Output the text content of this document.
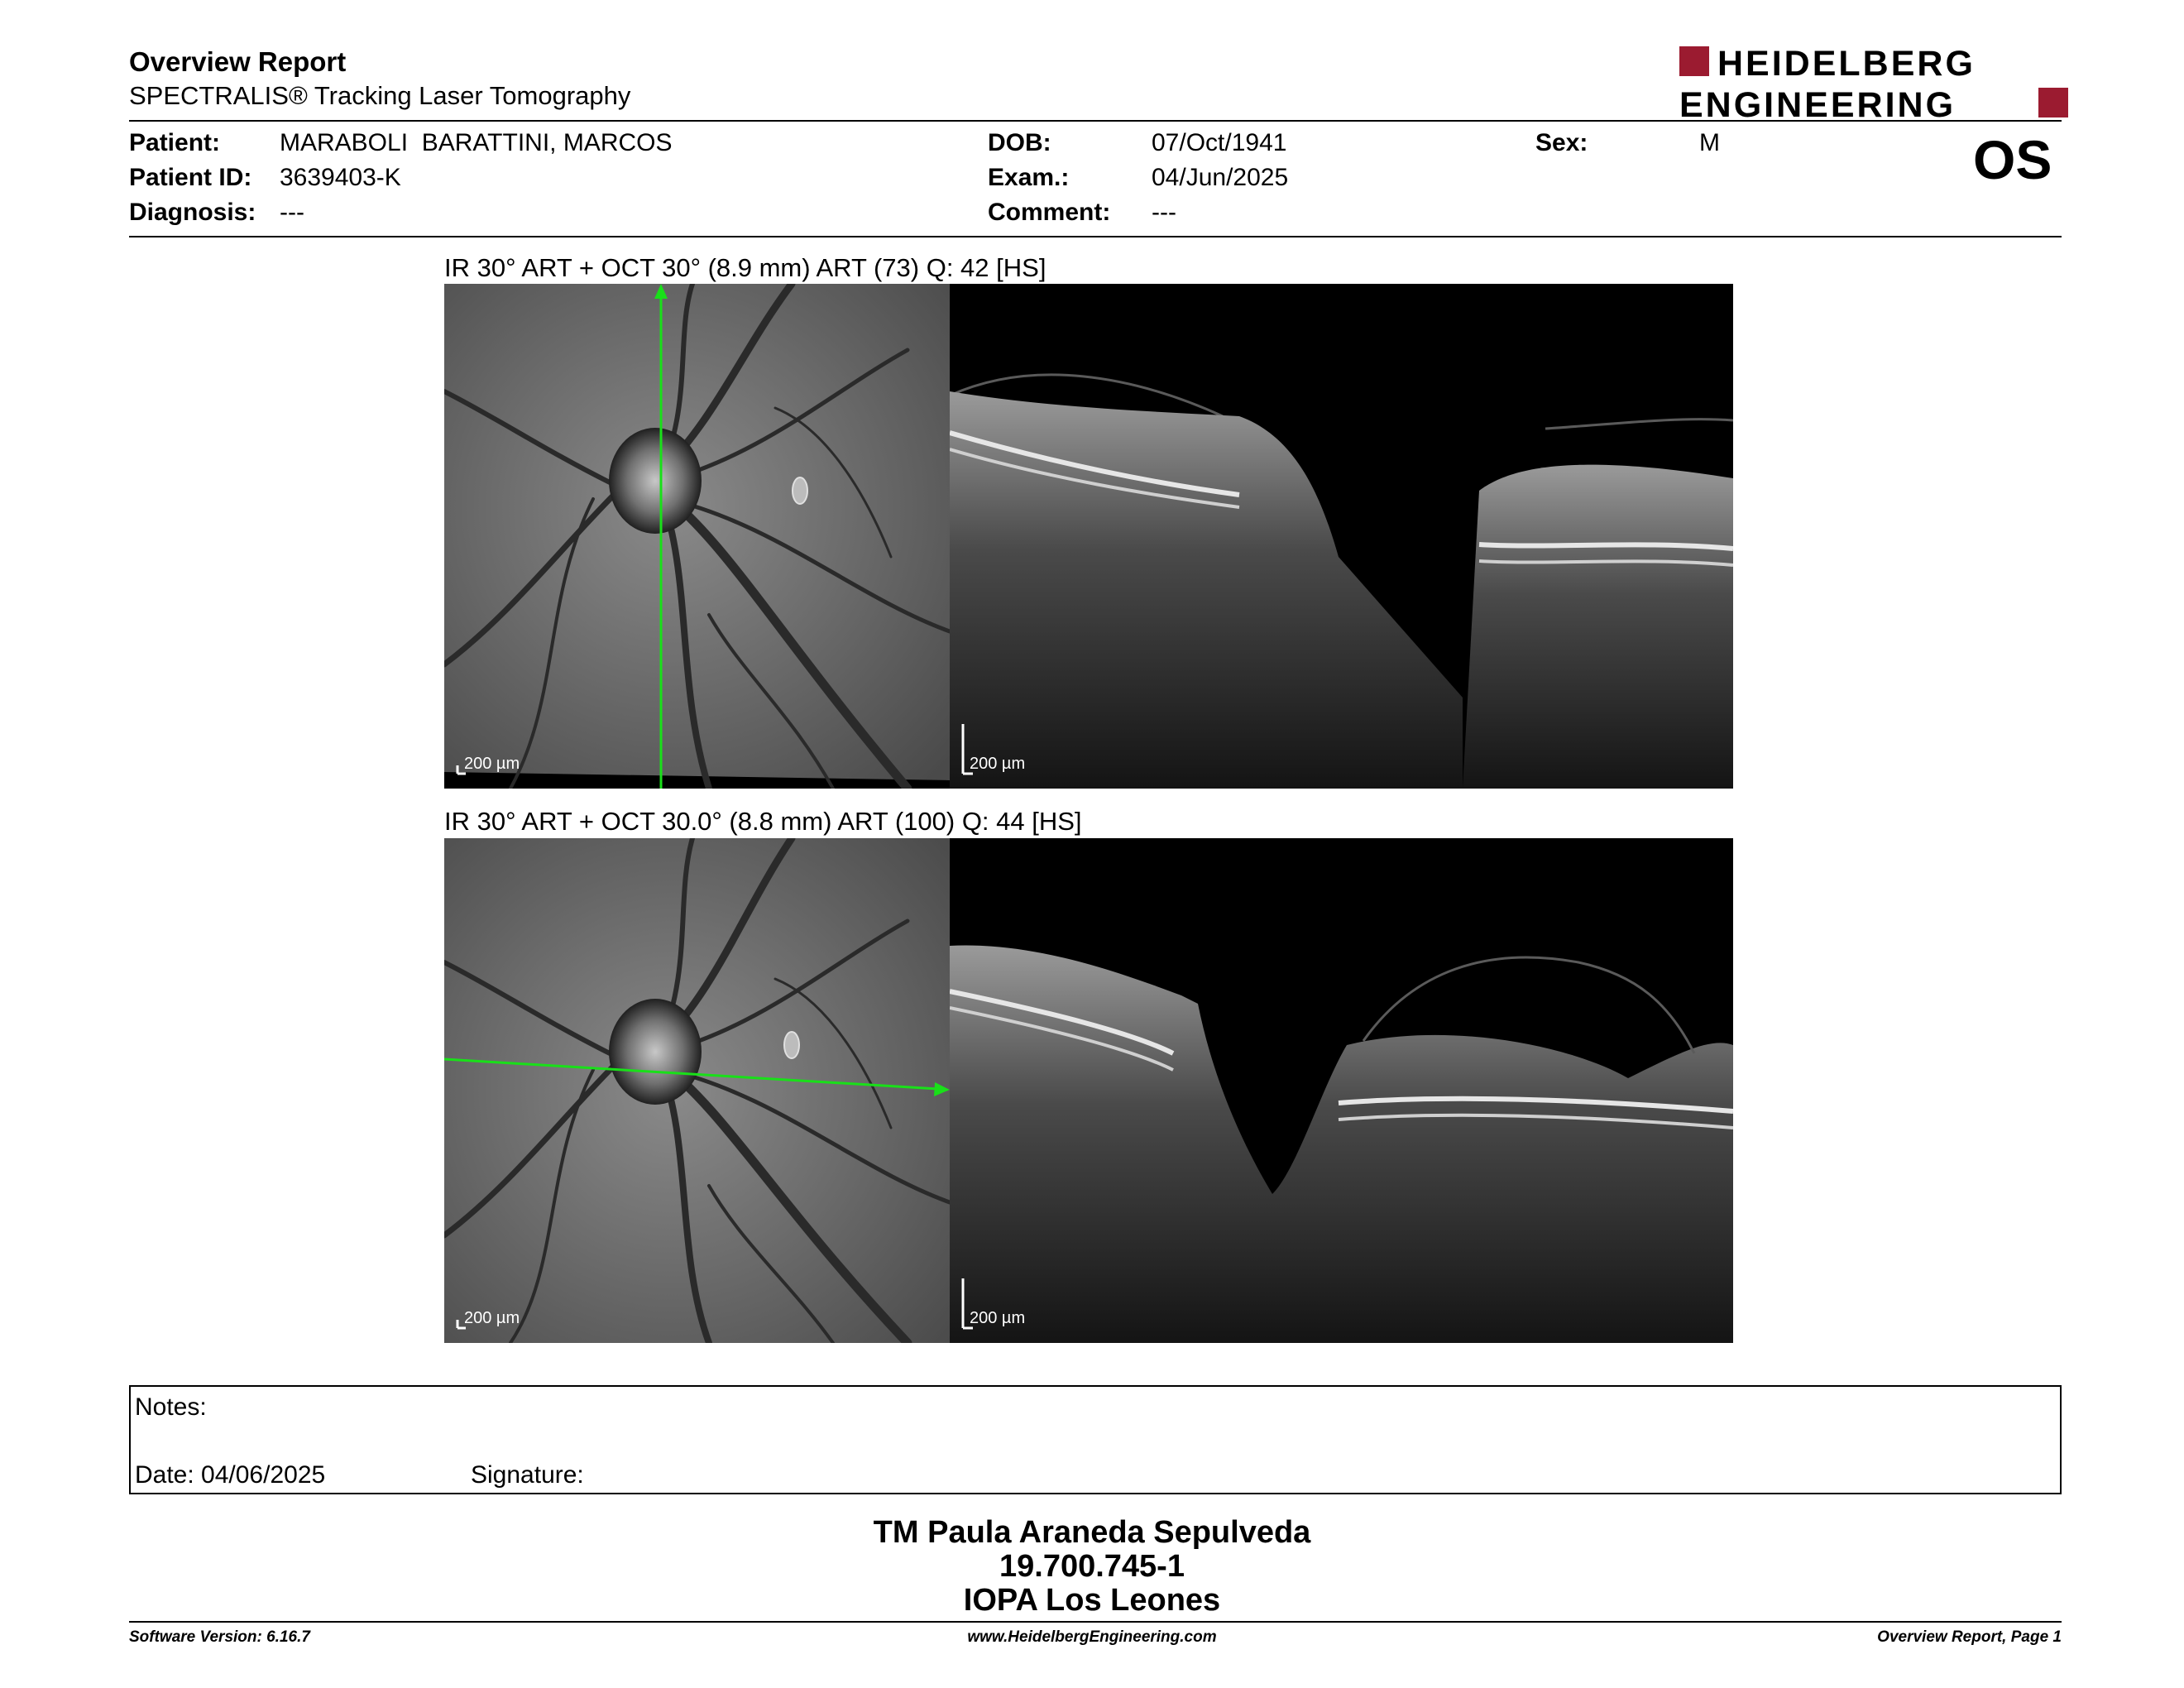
Overview Report
SPECTRALIS® Tracking Laser Tomography
HEIDELBERG
ENGINEERING
Patient: MARABOLI  BARATTINI, MARCOS
Patient ID: 3639403-K
Diagnosis: ---
DOB:	07/Oct/1941
Exam.:	04/Jun/2025
Comment: ---
Sex:	M	OS
IR 30° ART + OCT 30° (8.9 mm) ART (73) Q: 42 [HS]
200 µm	200 µm
IR 30° ART + OCT 30.0° (8.8 mm) ART (100) Q: 44 [HS]
200 µm	200 µm
Notes:
Date: 04/06/2025	Signature:
TM Paula Araneda Sepulveda
19.700.745-1
IOPA Los Leones
Software Version: 6.16.7	www.HeidelbergEngineering.com	Overview Report, Page 1
